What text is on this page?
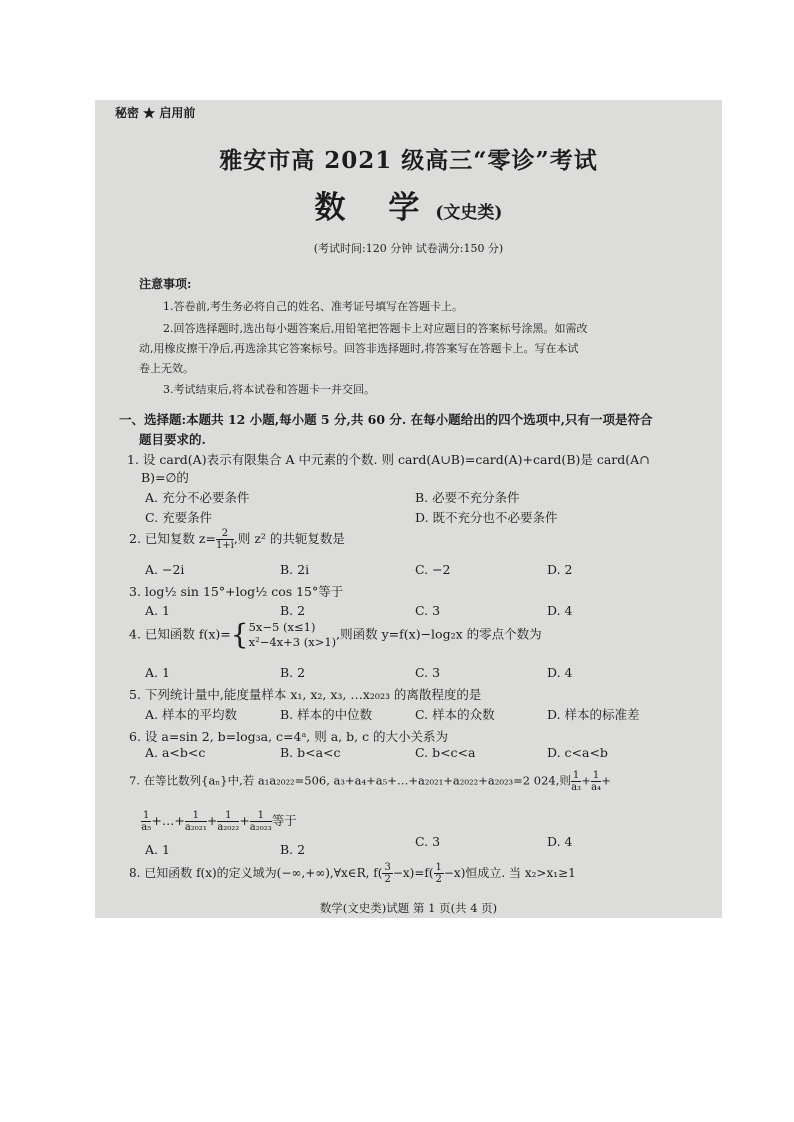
秘密 ★ 启用前
雅安市高 2021 级高三“零诊”考试
数 学(文史类)
(考试时间:120 分钟 试卷满分:150 分)
注意事项:
1.答卷前,考生务必将自己的姓名、准考证号填写在答题卡上。
2.回答选择题时,选出每小题答案后,用铅笔把答题卡上对应题目的答案标号涂黑。如需改
动,用橡皮擦干净后,再选涂其它答案标号。回答非选择题时,将答案写在答题卡上。写在本试
卷上无效。
3.考试结束后,将本试卷和答题卡一并交回。
一、选择题:本题共 12 小题,每小题 5 分,共 60 分. 在每小题给出的四个选项中,只有一项是符合
题目要求的.
1. 设 card(A)表示有限集合 A 中元素的个数. 则 card(A∪B)=card(A)+card(B)是 card(A∩
B)=∅的
A. 充分不必要条件	B. 必要不充分条件
C. 充要条件	D. 既不充分也不必要条件
2. 已知复数 $z= \frac{2}{1+i}$ ,则 z² 的共轭复数是
A. −2i	B. 2i	C. −2	D. 2
3. log½ sin 15°+log½ cos 15°等于
A. 1	B. 2	C. 3	D. 4
4. 已知函数 f(x)={ 5x−5 (x≤1)
x²−4x+3 (x>1)
,则函数 y=f(x)−log₂x 的零点个数为
A. 1	B. 2	C. 3	D. 4
5. 下列统计量中,能度量样本 x₁, x₂, x₃, …x₂₀₂₃ 的离散程度的是
A. 样本的平均数	B. 样本的中位数	C. 样本的众数	D. 样本的标准差
6. 设 a=sin 2, b=log₃a, c=4ᵃ, 则 a, b, c 的大小关系为
A. a<b<c	B. b<a<c	C. b<c<a	D. c<a<b
7. 在等比数列{aₙ}中,若 a₁a₂₀₂₂=506, a₃+a₄+a₅+…+a₂₀₂₁+a₂₀₂₂+a₂₀₂₃=2 024,则 $\frac{1}{\text{a₃}} + \frac{1}{\text{a₄}}$ +
$\frac{1}{\text{a₅}}$ +…+ $\frac{1}{\text{a₂₀₂₁}} + \frac{1}{\text{a₂₀₂₂}} + \frac{1}{\text{a₂₀₂₃}}$ 等于
A. 1	B. 2
C. 3	D. 4
8. 已知函数 f(x)的定义域为(−∞,+∞),∀x∈R, $f( \frac{3}{2} -x)=f( \frac{1}{2} -x)$恒成立. 当 x₂>x₁≥1
数学(文史类)试题 第 1 页(共 4 页)
